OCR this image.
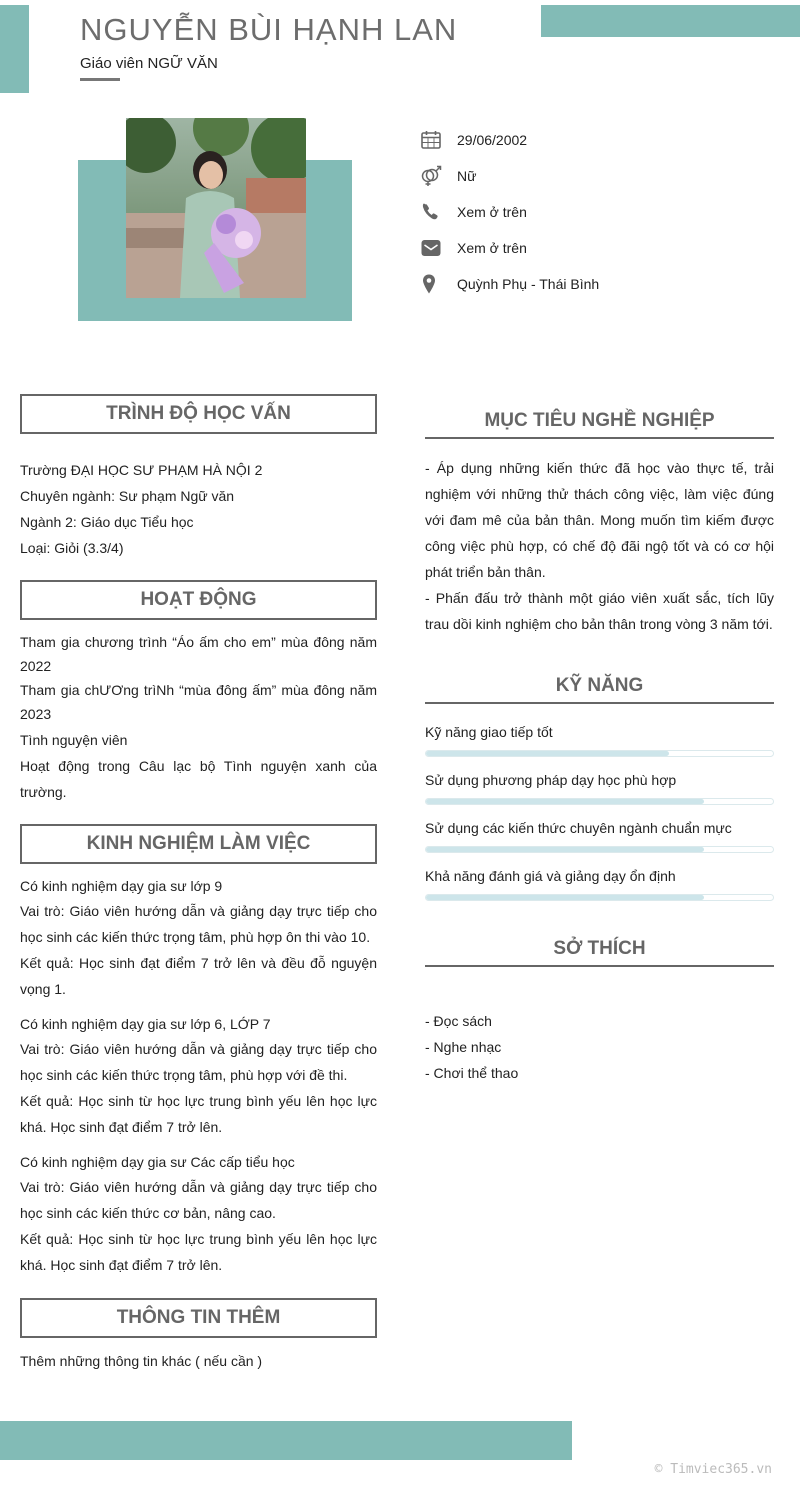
NGUYỄN BÙI HẠNH LAN
Giáo viên NGỮ VĂN
29/06/2002
Nữ
Xem ở trên
Xem ở trên
Quỳnh Phụ - Thái Bình
TRÌNH ĐỘ HỌC VẤN
Trường ĐẠI HỌC SƯ PHẠM HÀ NỘI 2
Chuyên ngành: Sư phạm Ngữ văn
Ngành 2: Giáo dục Tiểu học
Loại: Giỏi (3.3/4)
HOẠT ĐỘNG
Tham gia chương trình “Áo ấm cho em” mùa đông năm 2022
Tham gia chƯƠng trìNh “mùa đông ấm” mùa đông năm 2023
Tình nguyện viên
Hoạt động trong Câu lạc bộ Tình nguyện xanh của trường.
KINH NGHIỆM LÀM VIỆC
Có kinh nghiệm dạy gia sư lớp 9
Vai trò: Giáo viên hướng dẫn và giảng dạy trực tiếp cho học sinh các kiến thức trọng tâm, phù hợp ôn thi vào 10.
Kết quả: Học sinh đạt điểm 7 trở lên và đều đỗ nguyện vọng 1.
Có kinh nghiệm dạy gia sư lớp 6, LỚP 7
Vai trò: Giáo viên hướng dẫn và giảng dạy trực tiếp cho học sinh các kiến thức trọng tâm, phù hợp với đề thi.
Kết quả: Học sinh từ học lực trung bình yếu lên học lực khá. Học sinh đạt điểm 7 trở lên.
Có kinh nghiệm dạy gia sư Các cấp tiểu học
Vai trò: Giáo viên hướng dẫn và giảng dạy trực tiếp cho học sinh các kiến thức cơ bản, nâng cao.
Kết quả: Học sinh từ học lực trung bình yếu lên học lực khá. Học sinh đạt điểm 7 trở lên.
THÔNG TIN THÊM
Thêm những thông tin khác ( nếu cần )
MỤC TIÊU NGHỀ NGHIỆP
- Áp dụng những kiến thức đã học vào thực tế, trải nghiệm với những thử thách công việc, làm việc đúng với đam mê của bản thân. Mong muốn tìm kiếm được công việc phù hợp, có chế độ đãi ngộ tốt và có cơ hội phát triển bản thân.
- Phấn đấu trở thành một giáo viên xuất sắc, tích lũy trau dồi kinh nghiệm cho bản thân trong vòng 3 năm tới.
KỸ NĂNG
Kỹ năng giao tiếp tốt
Sử dụng phương pháp dạy học phù hợp
Sử dụng các kiến thức chuyên ngành chuẩn mực
Khả năng đánh giá và giảng dạy ổn định
SỞ THÍCH
- Đọc sách
- Nghe nhạc
- Chơi thể thao
© Timviec365.vn
